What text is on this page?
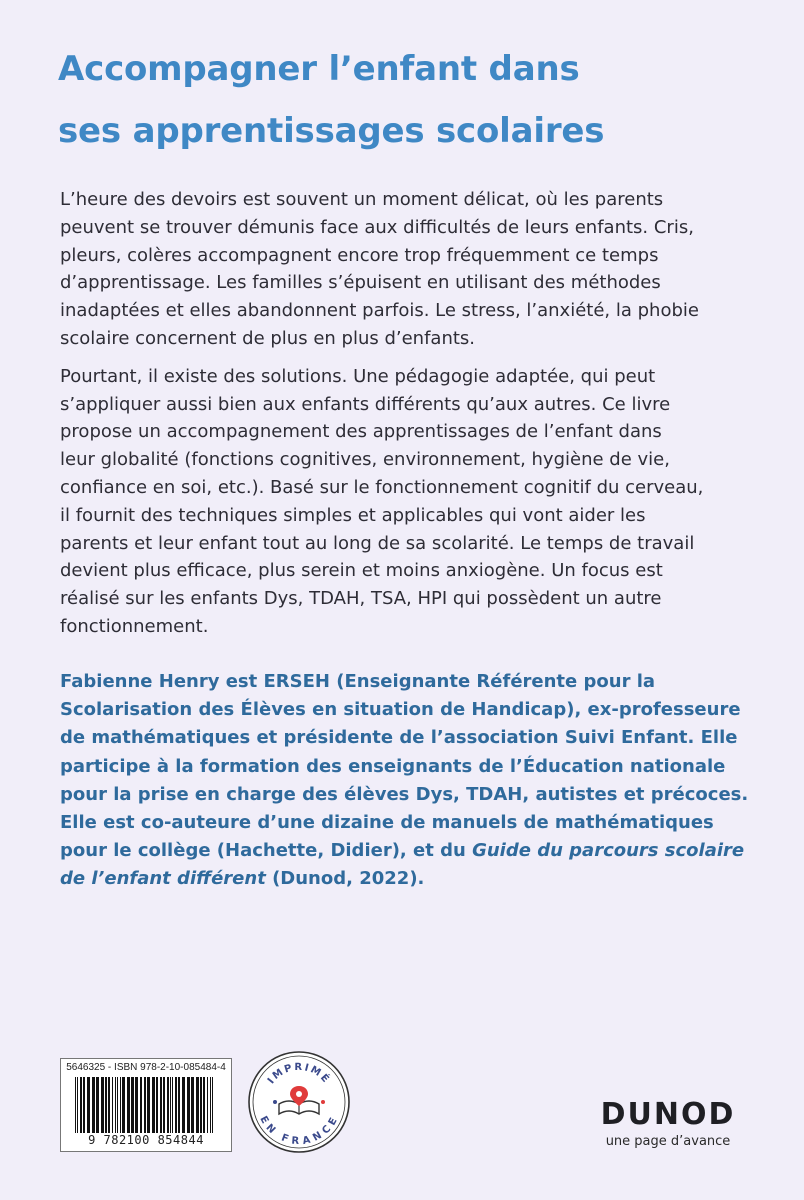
Accompagner l’enfant dans
ses apprentissages scolaires

L’heure des devoirs est souvent un moment délicat, où les parents
peuvent se trouver démunis face aux difficultés de leurs enfants. Cris,
pleurs, colères accompagnent encore trop fréquemment ce temps
d’apprentissage. Les familles s’épuisent en utilisant des méthodes
inadaptées et elles abandonnent parfois. Le stress, l’anxiété, la phobie
scolaire concernent de plus en plus d’enfants.

Pourtant, il existe des solutions. Une pédagogie adaptée, qui peut
s’appliquer aussi bien aux enfants différents qu’aux autres. Ce livre
propose un accompagnement des apprentissages de l’enfant dans
leur globalité (fonctions cognitives, environnement, hygiène de vie,
confiance en soi, etc.). Basé sur le fonctionnement cognitif du cerveau,
il fournit des techniques simples et applicables qui vont aider les
parents et leur enfant tout au long de sa scolarité. Le temps de travail
devient plus efficace, plus serein et moins anxiogène. Un focus est
réalisé sur les enfants Dys, TDAH, TSA, HPI qui possèdent un autre
fonctionnement.

Fabienne Henry est ERSEH (Enseignante Référente pour la
Scolarisation des Élèves en situation de Handicap), ex-professeure
de mathématiques et présidente de l’association Suivi Enfant. Elle
participe à la formation des enseignants de l’Éducation nationale
pour la prise en charge des élèves Dys, TDAH, autistes et précoces.
Elle est co-auteure d’une dizaine de manuels de mathématiques
pour le collège (Hachette, Didier), et du Guide du parcours scolaire
de l’enfant différent (Dunod, 2022).
5646325 - ISBN 978-2-10-085484-4
9 782100 854844
IMPRIMÉ
EN FRANCE	DUNOD
une page d’avance
